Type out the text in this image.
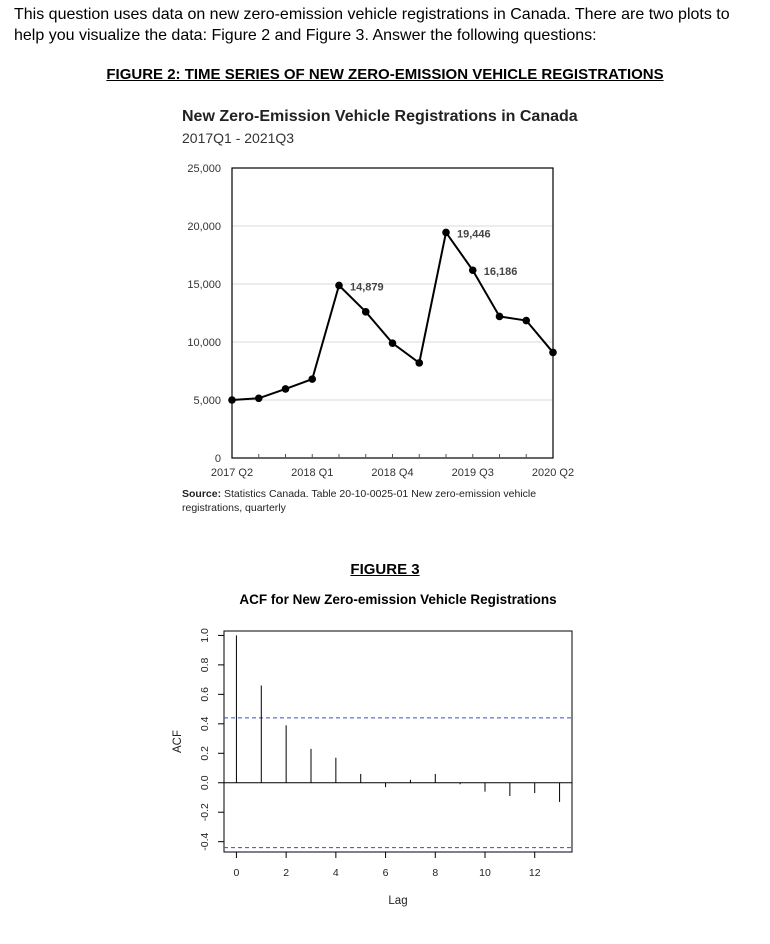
This question uses data on new zero-emission vehicle registrations in Canada. There are two plots to help you visualize the data: Figure 2 and Figure 3. Answer the following questions:
FIGURE 2: TIME SERIES OF NEW ZERO-EMISSION VEHICLE REGISTRATIONS
New Zero-Emission Vehicle Registrations in Canada
2017Q1 - 2021Q3
0
5,000
10,000
15,000
20,000
25,000
2017 Q2	2018 Q1	2018 Q4	2019 Q3	2020 Q2
14,879
19,446
16,186
Source: Statistics Canada. Table 20-10-0025-01 New zero-emission vehicle registrations, quarterly
FIGURE 3
ACF for New Zero-emission Vehicle Registrations
0	2	4	6	8	10	12
-0.4
-0.2
0.0
0.2
0.4
0.6
0.8
1.0
Lag
ACF
